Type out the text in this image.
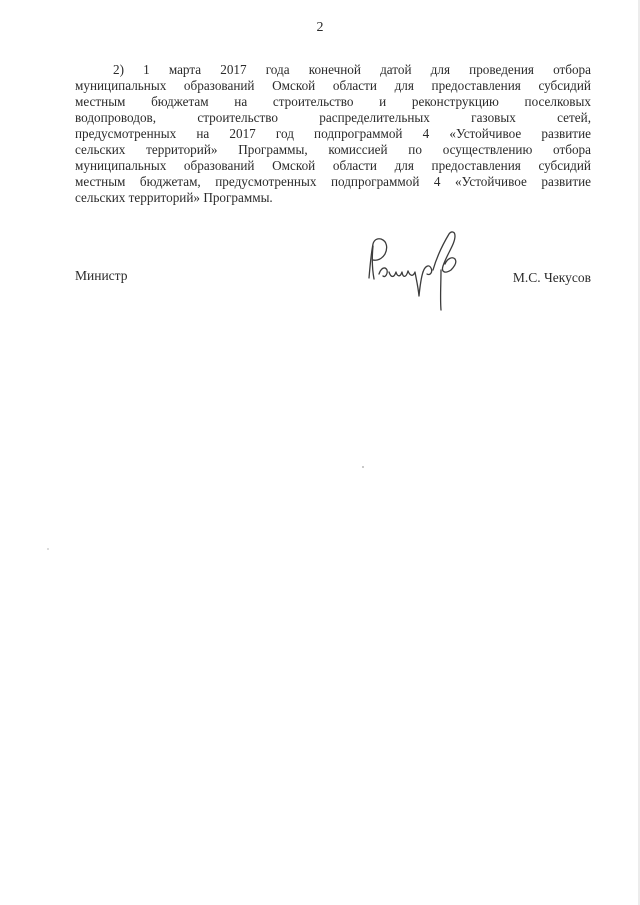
2

2) 1 марта 2017 года конечной датой для проведения отбора
муниципальных образований Омской области для предоставления субсидий
местным бюджетам на строительство и реконструкцию поселковых
водопроводов, строительство распределительных газовых сетей,
предусмотренных на 2017 год подпрограммой 4 «Устойчивое развитие
сельских территорий» Программы, комиссией по осуществлению отбора
муниципальных образований Омской области для предоставления субсидий
местным бюджетам, предусмотренных подпрограммой 4 «Устойчивое развитие
сельских территорий» Программы.

Министр	М.С. Чекусов
